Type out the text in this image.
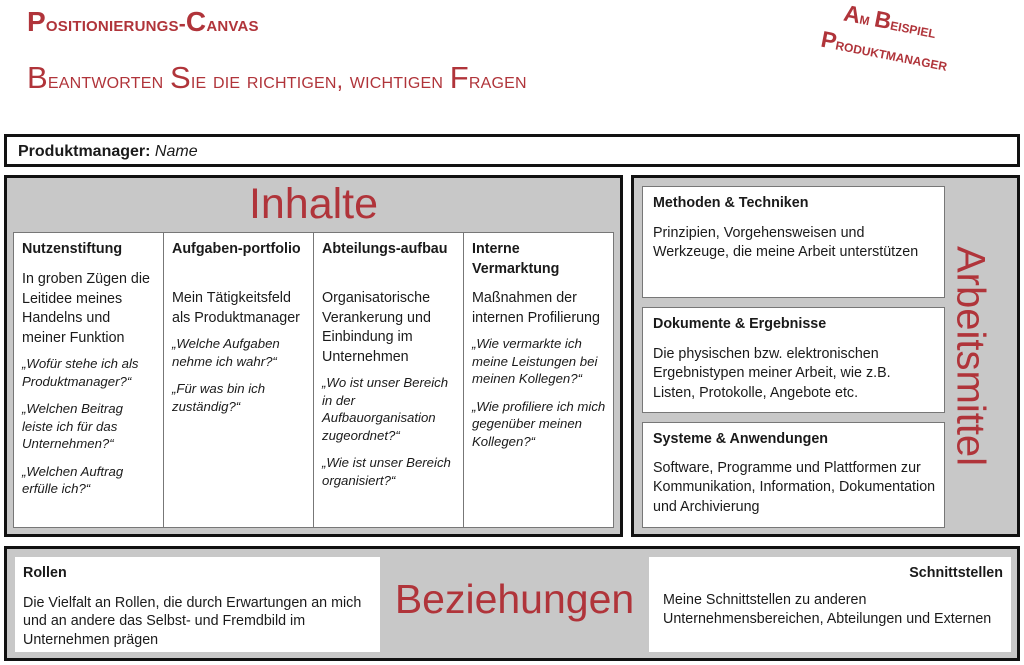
Positionierungs-Canvas
Beantworten Sie die richtigen, wichtigen Fragen
Am Beispiel
Produktmanager
Produktmanager: Name
Inhalte
Nutzenstiftung
In groben Zügen die Leitidee meines Handelns und meiner Funktion
„Wofür stehe ich als Produktmanager?“
„Welchen Beitrag leiste ich für das Unternehmen?“
„Welchen Auftrag erfülle ich?“
Aufgaben-portfolio
Mein Tätigkeitsfeld als Produktmanager
„Welche Aufgaben nehme ich wahr?“
„Für was bin ich zuständig?“
Abteilungs-aufbau
Organisatorische Verankerung und Einbindung im Unternehmen
„Wo ist unser Bereich in der Aufbauorganisation zugeordnet?“
„Wie ist unser Bereich organisiert?“
Interne Vermarktung
Maßnahmen der internen Profilierung
„Wie vermarkte ich meine Leistungen bei meinen Kollegen?“
„Wie profiliere ich mich gegenüber meinen Kollegen?“
Methoden & Techniken
Prinzipien, Vorgehensweisen und Werkzeuge, die meine Arbeit unterstützen
Dokumente & Ergebnisse
Die physischen bzw. elektronischen Ergebnistypen meiner Arbeit, wie z.B. Listen, Protokolle, Angebote etc.
Systeme & Anwendungen
Software, Programme und Plattformen zur Kommunikation, Information, Dokumentation und Archivierung
Arbeitsmittel
Rollen
Die Vielfalt an Rollen, die durch Erwartungen an mich und an andere das Selbst- und Fremdbild im Unternehmen prägen
Beziehungen
Schnittstellen
Meine Schnittstellen zu anderen Unternehmensbereichen, Abteilungen und Externen
